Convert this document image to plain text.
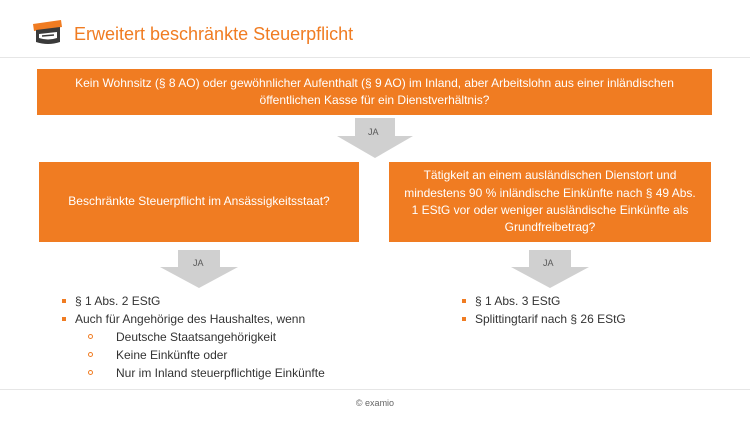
Erweitert beschränkte Steuerpflicht
Kein Wohnsitz (§ 8 AO) oder gewöhnlicher Aufenthalt (§ 9 AO) im Inland, aber Arbeitslohn aus einer inländischen
öffentlichen Kasse für ein Dienstverhältnis?
JA
Beschränkte Steuerpflicht im Ansässigkeitsstaat?
Tätigkeit an einem ausländischen Dienstort und
mindestens 90 % inländische Einkünfte nach § 49 Abs.
1 EStG vor oder weniger ausländische Einkünfte als
Grundfreibetrag?
JA	JA
§ 1 Abs. 2 EStG
Auch für Angehörige des Haushaltes, wenn
Deutsche Staatsangehörigkeit
Keine Einkünfte oder
Nur im Inland steuerpflichtige Einkünfte
§ 1 Abs. 3 EStG
Splittingtarif nach § 26 EStG
© examio
